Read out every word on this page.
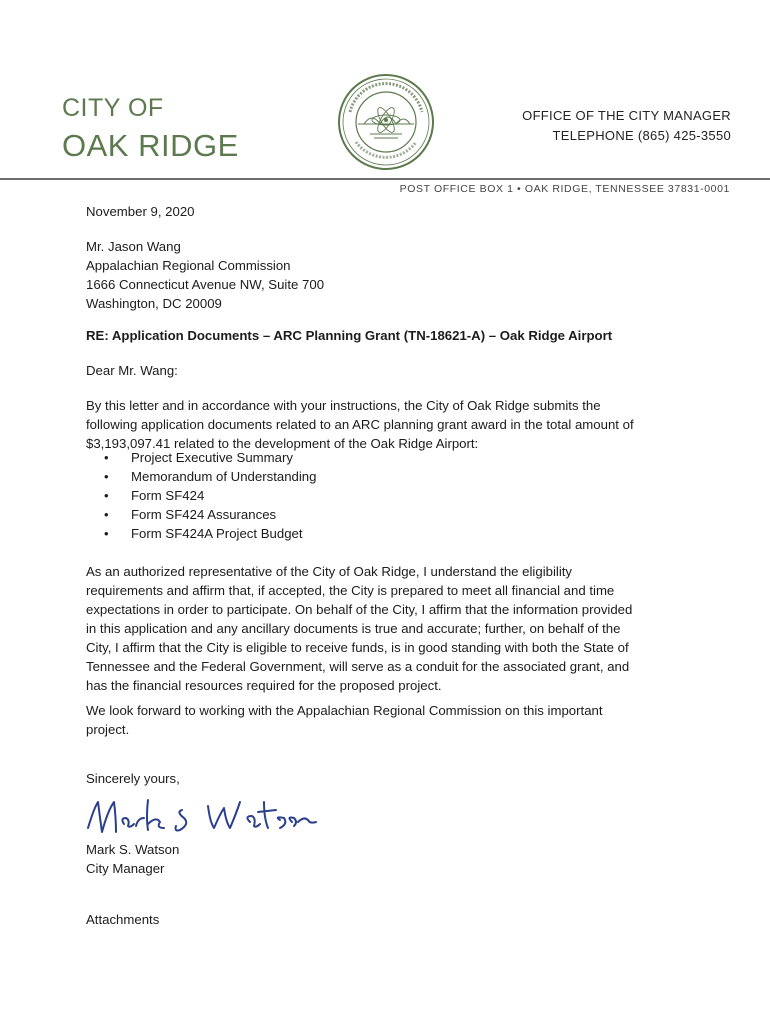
CITY OF
OAK RIDGE
OFFICE OF THE CITY MANAGER
TELEPHONE (865) 425-3550
POST OFFICE BOX 1 • OAK RIDGE, TENNESSEE 37831-0001
November 9, 2020
Mr. Jason Wang
Appalachian Regional Commission
1666 Connecticut Avenue NW, Suite 700
Washington, DC 20009
RE: Application Documents – ARC Planning Grant (TN-18621-A) – Oak Ridge Airport
Dear Mr. Wang:
By this letter and in accordance with your instructions, the City of Oak Ridge submits the
following application documents related to an ARC planning grant award in the total amount of
$3,193,097.41 related to the development of the Oak Ridge Airport:
• Project Executive Summary
• Memorandum of Understanding
• Form SF424
• Form SF424 Assurances
• Form SF424A Project Budget
As an authorized representative of the City of Oak Ridge, I understand the eligibility
requirements and affirm that, if accepted, the City is prepared to meet all financial and time
expectations in order to participate. On behalf of the City, I affirm that the information provided
in this application and any ancillary documents is true and accurate; further, on behalf of the
City, I affirm that the City is eligible to receive funds, is in good standing with both the State of
Tennessee and the Federal Government, will serve as a conduit for the associated grant, and
has the financial resources required for the proposed project.
We look forward to working with the Appalachian Regional Commission on this important
project.
Sincerely yours,
Mark S. Watson
City Manager
Attachments
